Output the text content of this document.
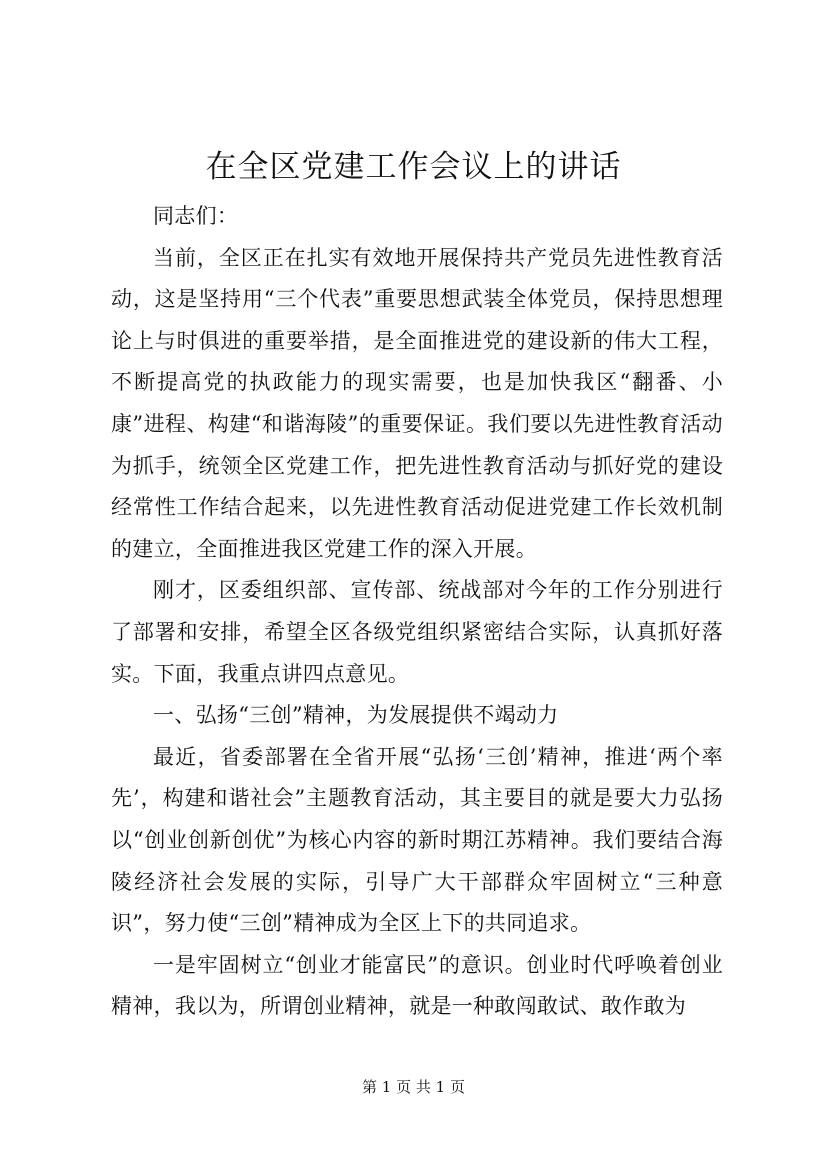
在全区党建工作会议上的讲话

同志们：

当前，全区正在扎实有效地开展保持共产党员先进性教育活动，这是坚持用“三个代表”重要思想武装全体党员，保持思想理论上与时俱进的重要举措，是全面推进党的建设新的伟大工程，不断提高党的执政能力的现实需要，也是加快我区“翻番、小康”进程、构建“和谐海陵”的重要保证。我们要以先进性教育活动为抓手，统领全区党建工作，把先进性教育活动与抓好党的建设经常性工作结合起来，以先进性教育活动促进党建工作长效机制的建立，全面推进我区党建工作的深入开展。

刚才，区委组织部、宣传部、统战部对今年的工作分别进行了部署和安排，希望全区各级党组织紧密结合实际，认真抓好落实。下面，我重点讲四点意见。

一、弘扬“三创”精神，为发展提供不竭动力

最近，省委部署在全省开展“弘扬‘三创’精神，推进‘两个率先’，构建和谐社会”主题教育活动，其主要目的就是要大力弘扬以“创业创新创优”为核心内容的新时期江苏精神。我们要结合海陵经济社会发展的实际，引导广大干部群众牢固树立“三种意识”，努力使“三创”精神成为全区上下的共同追求。

一是牢固树立“创业才能富民”的意识。创业时代呼唤着创业精神，我以为，所谓创业精神，就是一种敢闯敢试、敢作敢为

第 1 页 共 1 页
